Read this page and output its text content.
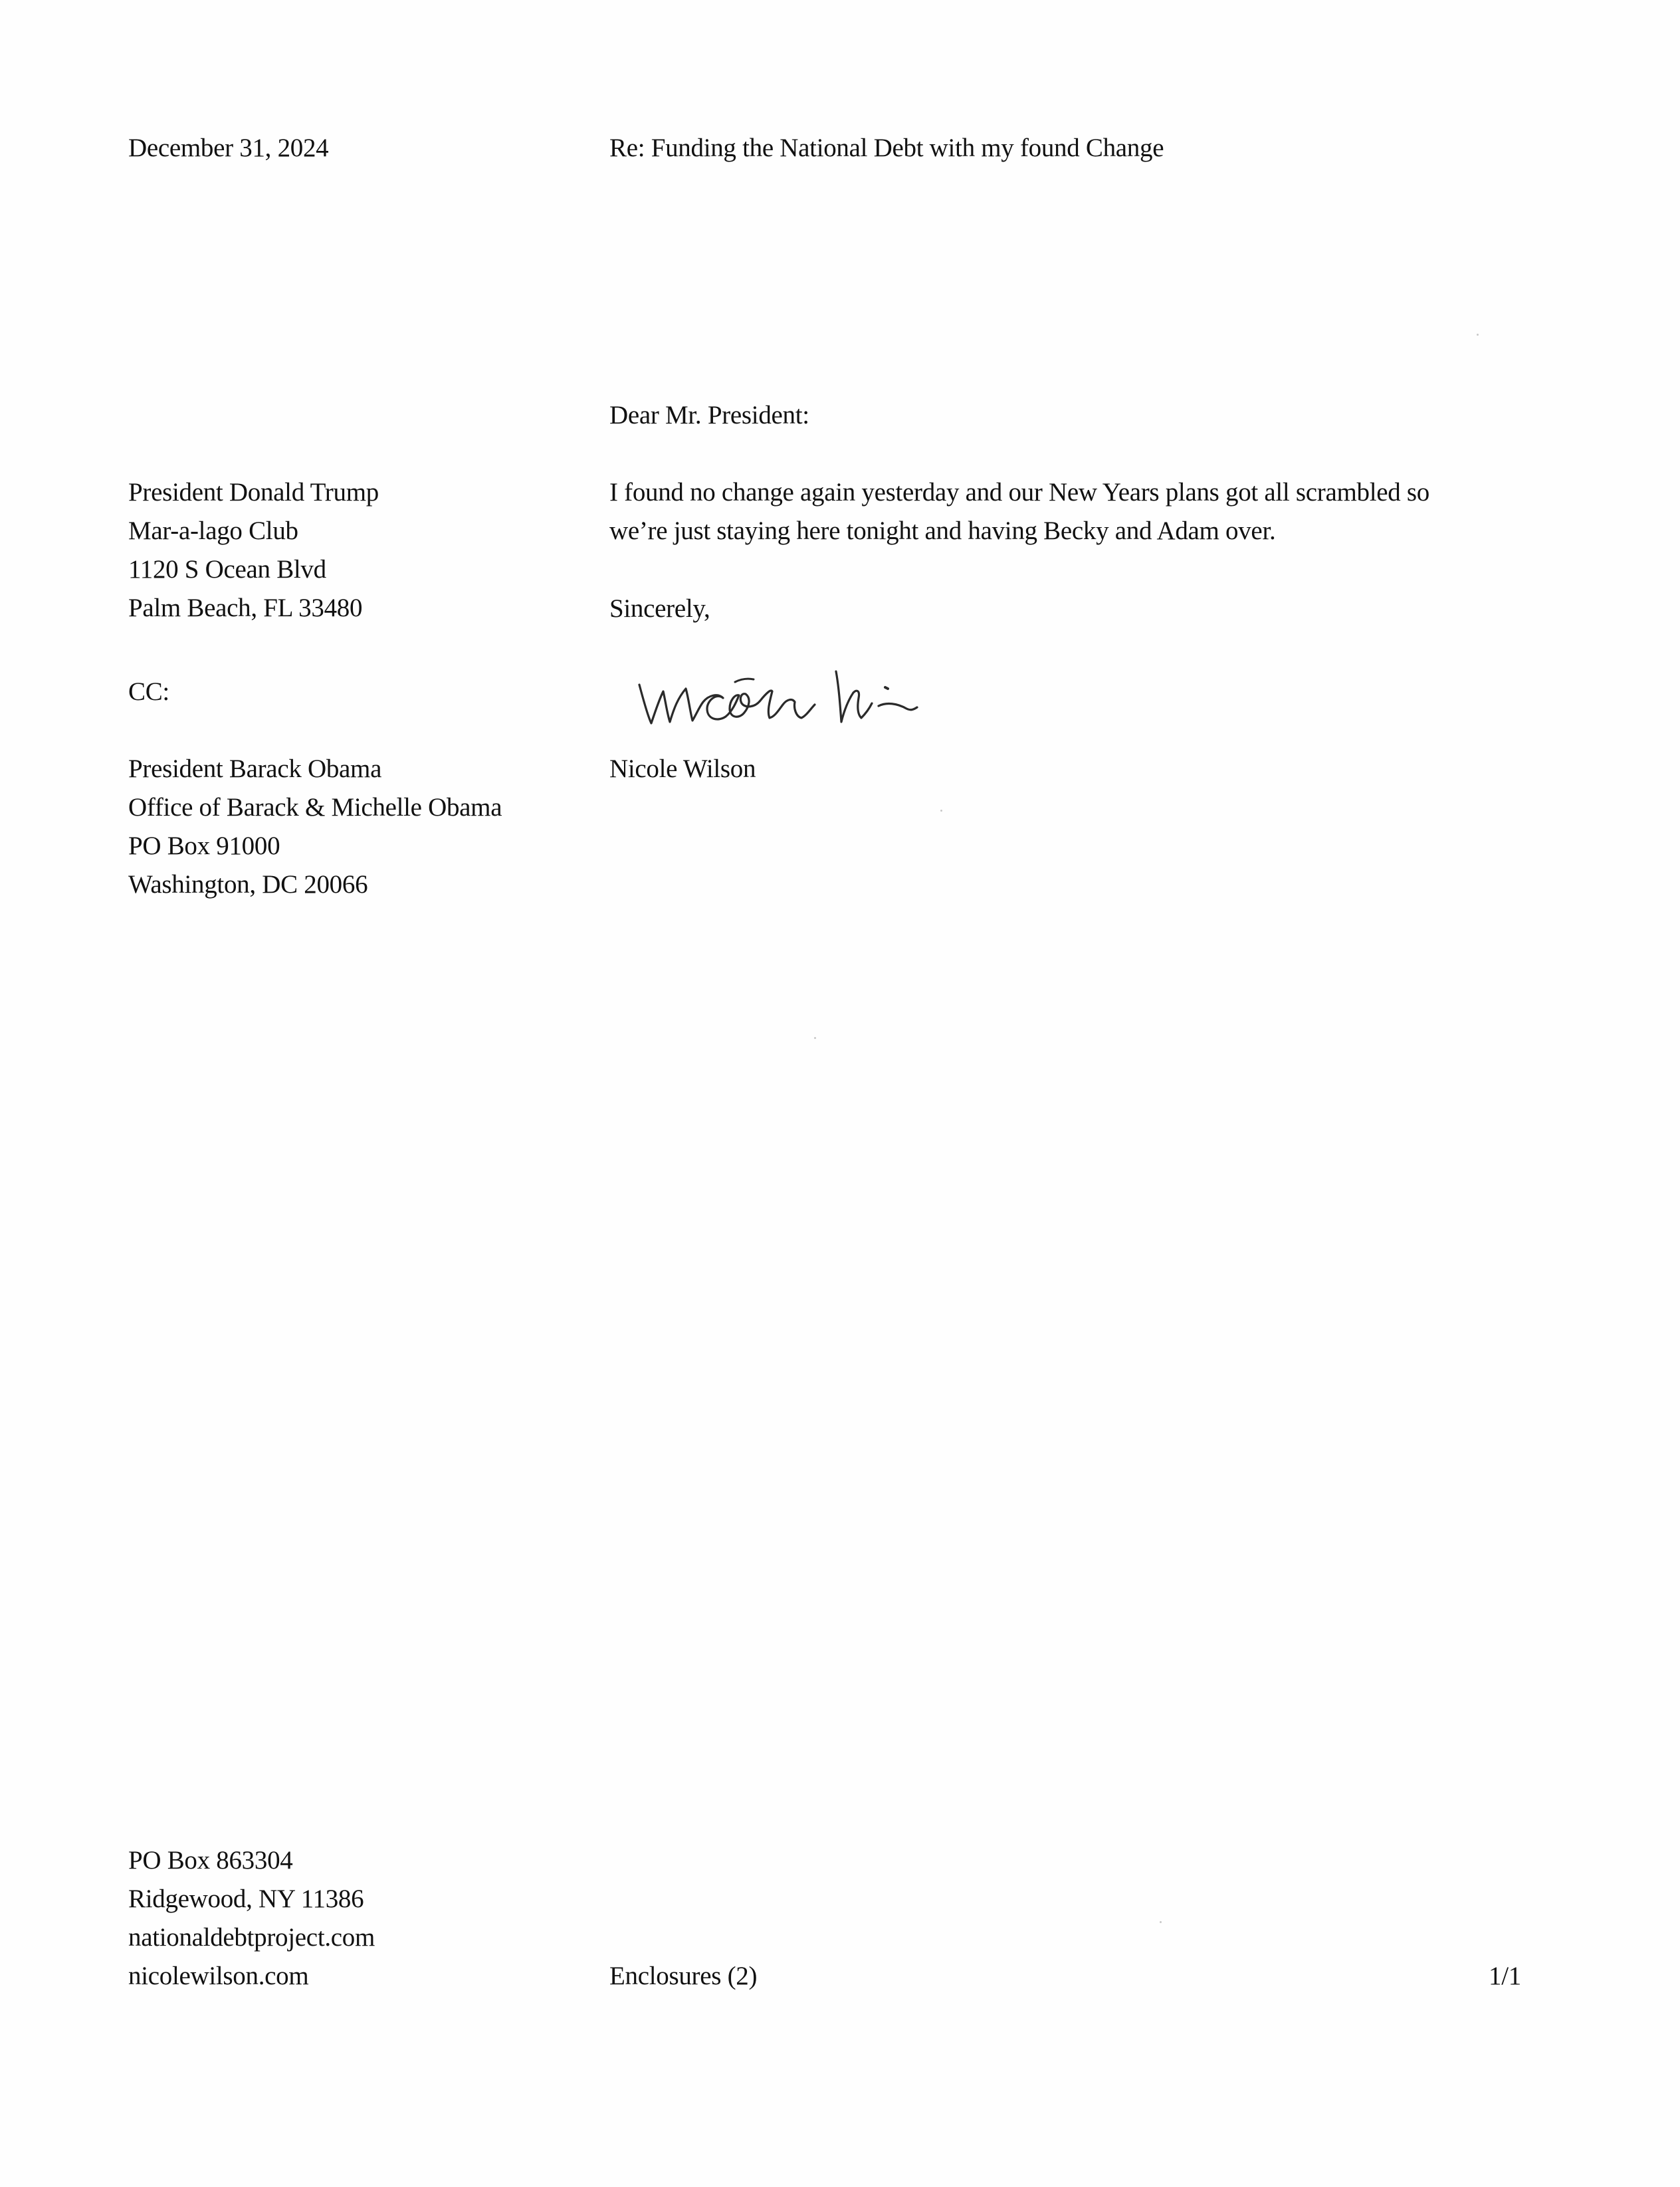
December 31, 2024	Re: Funding the National Debt with my found Change
Dear Mr. President:
President Donald Trump
Mar-a-lago Club
1120 S Ocean Blvd
Palm Beach, FL 33480
I found no change again yesterday and our New Years plans got all scrambled so
we’re just staying here tonight and having Becky and Adam over.
Sincerely,
CC:
Nicole Wilson
President Barack Obama
Office of Barack & Michelle Obama
PO Box 91000
Washington, DC 20066
PO Box 863304
Ridgewood, NY 11386
nationaldebtproject.com
nicolewilson.com	Enclosures (2)	1/1
